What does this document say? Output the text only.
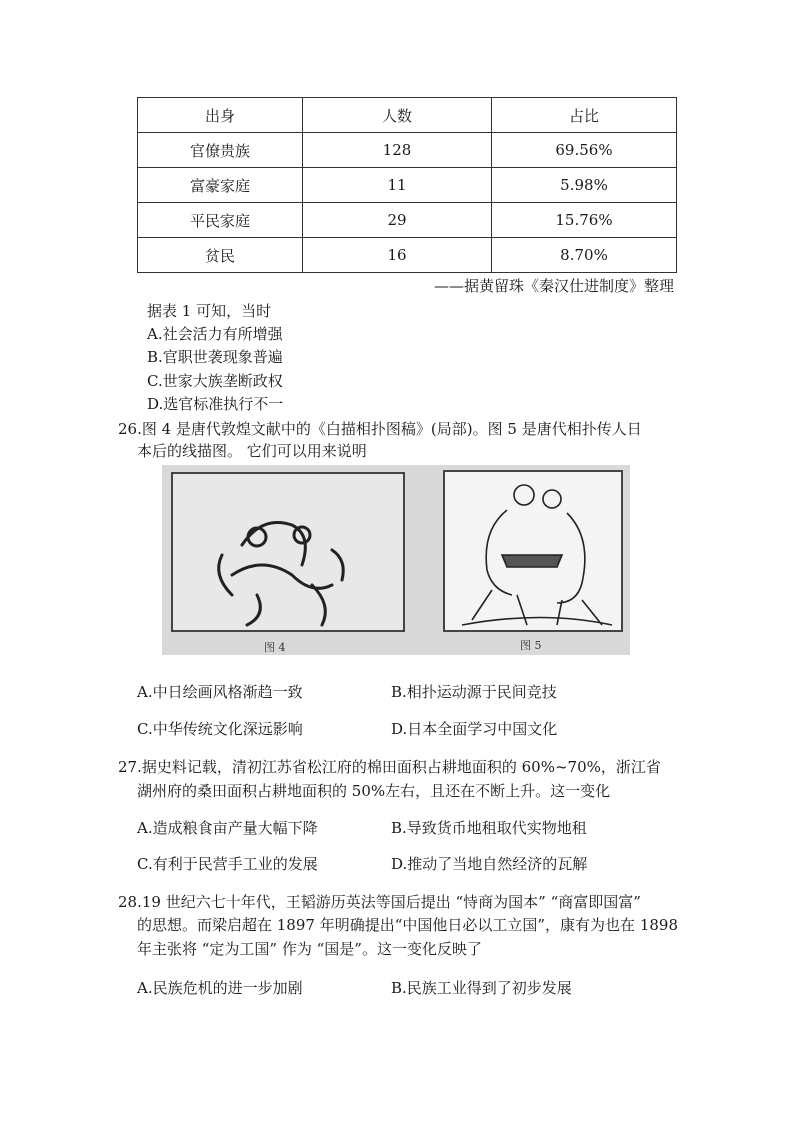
出身	人数	占比
官僚贵族	128	69.56%
富豪家庭	11	5.98%
平民家庭	29	15.76%
贫民	16	8.70%
——据黄留珠《秦汉仕进制度》整理
据表 1 可知，当时
A.社会活力有所增强
B.官职世袭现象普遍
C.世家大族垄断政权
D.选官标准执行不一
26.图 4 是唐代敦煌文献中的《白描相扑图稿》(局部)。图 5 是唐代相扑传人日
本后的线描图。 它们可以用来说明
图 4	图 5
A.中日绘画风格渐趋一致	B.相扑运动源于民间竞技
C.中华传统文化深远影响	D.日本全面学习中国文化
27.据史料记载，清初江苏省松江府的棉田面积占耕地面积的 60%~70%，浙江省
湖州府的桑田面积占耕地面积的 50%左右，且还在不断上升。这一变化
A.造成粮食亩产量大幅下降	B.导致货币地租取代实物地租
C.有利于民营手工业的发展	D.推动了当地自然经济的瓦解
28.19 世纪六七十年代，王韬游历英法等国后提出 “恃商为国本” “商富即国富”
的思想。而梁启超在 1897 年明确提出“中国他日必以工立国”，康有为也在 1898
年主张将 “定为工国” 作为 “国是”。这一变化反映了
A.民族危机的进一步加剧	B.民族工业得到了初步发展
